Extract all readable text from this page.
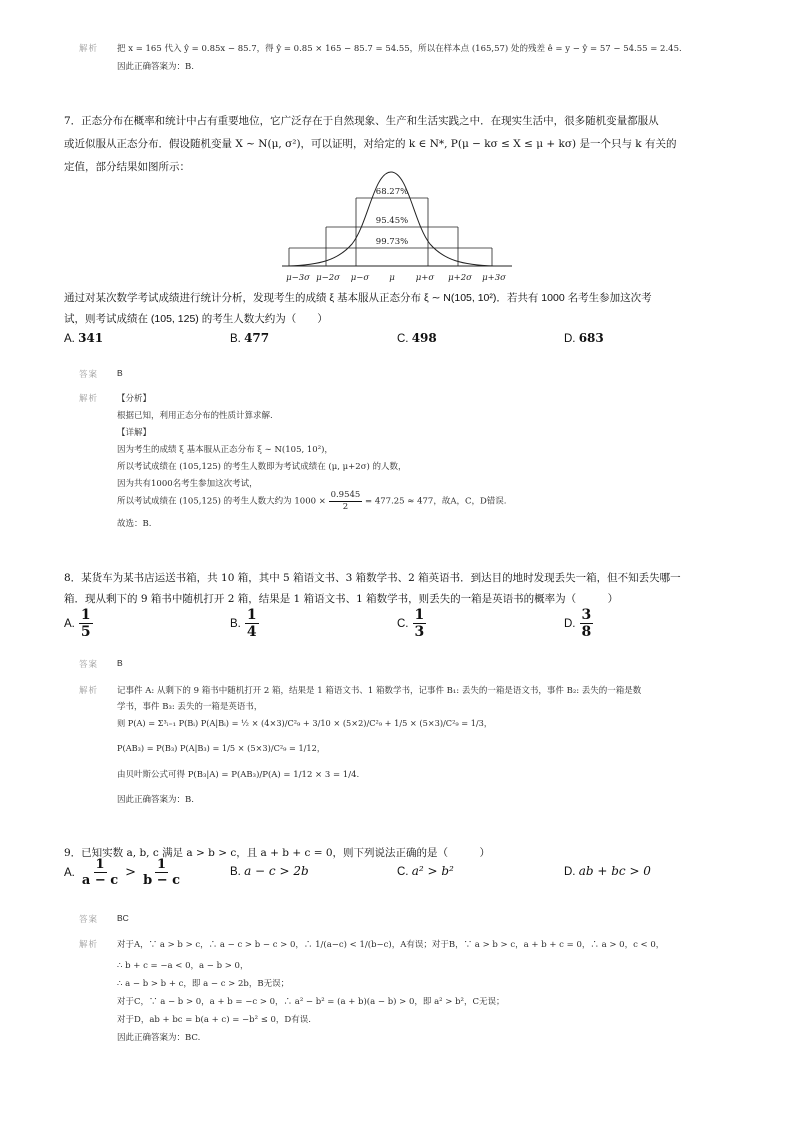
解析 把 x = 165 代入 ŷ = 0.85x − 85.7，得 ŷ = 0.85 × 165 − 85.7 = 54.55，所以在样本点 (165,57) 处的残差 ê = y − ŷ = 57 − 54.55 = 2.45.
因此正确答案为：B.
7．正态分布在概率和统计中占有重要地位，它广泛存在于自然现象、生产和生活实践之中．在现实生活中，很多随机变量都服从
或近似服从正态分布．假设随机变量 X ∼ N(μ, σ²)，可以证明，对给定的 k ∈ N*, P(μ − kσ ≤ X ≤ μ + kσ) 是一个只与 k 有关的
定值，部分结果如图所示：
68.27%
95.45%
99.73%
μ−3σ μ−2σ μ−σ μ μ+σ μ+2σ μ+3σ
通过对某次数学考试成绩进行统计分析，发现考生的成绩 ξ 基本服从正态分布 ξ ∼ N(105, 10²)．若共有 1000 名考生参加这次考
试，则考试成绩在 (105, 125) 的考生人数大约为（　　）
A. 341	B. 477	C. 498	D. 683
答案 B
解析 【分析】
根据已知，利用正态分布的性质计算求解.
【详解】
因为考生的成绩 ξ 基本服从正态分布 ξ ∼ N(105, 10²)，
所以考试成绩在 (105,125) 的考生人数即为考试成绩在 (μ, μ+2σ) 的人数，
因为共有1000名考生参加这次考试，
所以考试成绩在 (105,125) 的考生人数大约为 $1000 \times \frac{0.9545}{2} = 477.25 \approx 477$，故A，C，D错误.
故选：B.
8．某货车为某书店运送书箱，共 10 箱，其中 5 箱语文书、3 箱数学书、2 箱英语书．到达目的地时发现丢失一箱，但不知丢失哪一
箱．现从剩下的 9 箱书中随机打开 2 箱，结果是 1 箱语文书、1 箱数学书，则丢失的一箱是英语书的概率为（　　　）
A. $\frac{1}{5}$	B. $\frac{1}{4}$	C. $\frac{1}{3}$	D. $\frac{3}{8}$
答案 B
解析 记事件 A: 从剩下的 9 箱书中随机打开 2 箱，结果是 1 箱语文书、1 箱数学书，记事件 B₁: 丢失的一箱是语文书，事件 B₂: 丢失的一箱是数
学书，事件 B₃: 丢失的一箱是英语书，
则 P(A) = Σ³ᵢ₌₁ P(Bᵢ) P(A|Bᵢ) = ½ × (4×3)/C²₉ + 3/10 × (5×2)/C²₉ + 1/5 × (5×3)/C²₉ = 1/3，
P(AB₃) = P(B₃) P(A|B₃) = 1/5 × (5×3)/C²₉ = 1/12，
由贝叶斯公式可得 P(B₃|A) = P(AB₃)/P(A) = 1/12 × 3 = 1/4.
因此正确答案为：B.
9．已知实数 a, b, c 满足 a > b > c，且 a + b + c = 0，则下列说法正确的是（　　　）
A. $\frac{1}{a - c} > \frac{1}{b - c}$	B. a − c > 2b	C. a² > b²	D. ab + bc > 0
答案 BC
解析 对于A，∵ a > b > c，∴ a − c > b − c > 0，∴ 1/(a−c) < 1/(b−c)，A有误；对于B，∵ a > b > c，a + b + c = 0，∴ a > 0，c < 0，
∴ b + c = −a < 0，a − b > 0，
∴ a − b > b + c，即 a − c > 2b，B无误；
对于C，∵ a − b > 0，a + b = −c > 0，∴ a² − b² = (a + b)(a − b) > 0，即 a² > b²，C无误；
对于D，ab + bc = b(a + c) = −b² ≤ 0，D有误.
因此正确答案为：BC.
